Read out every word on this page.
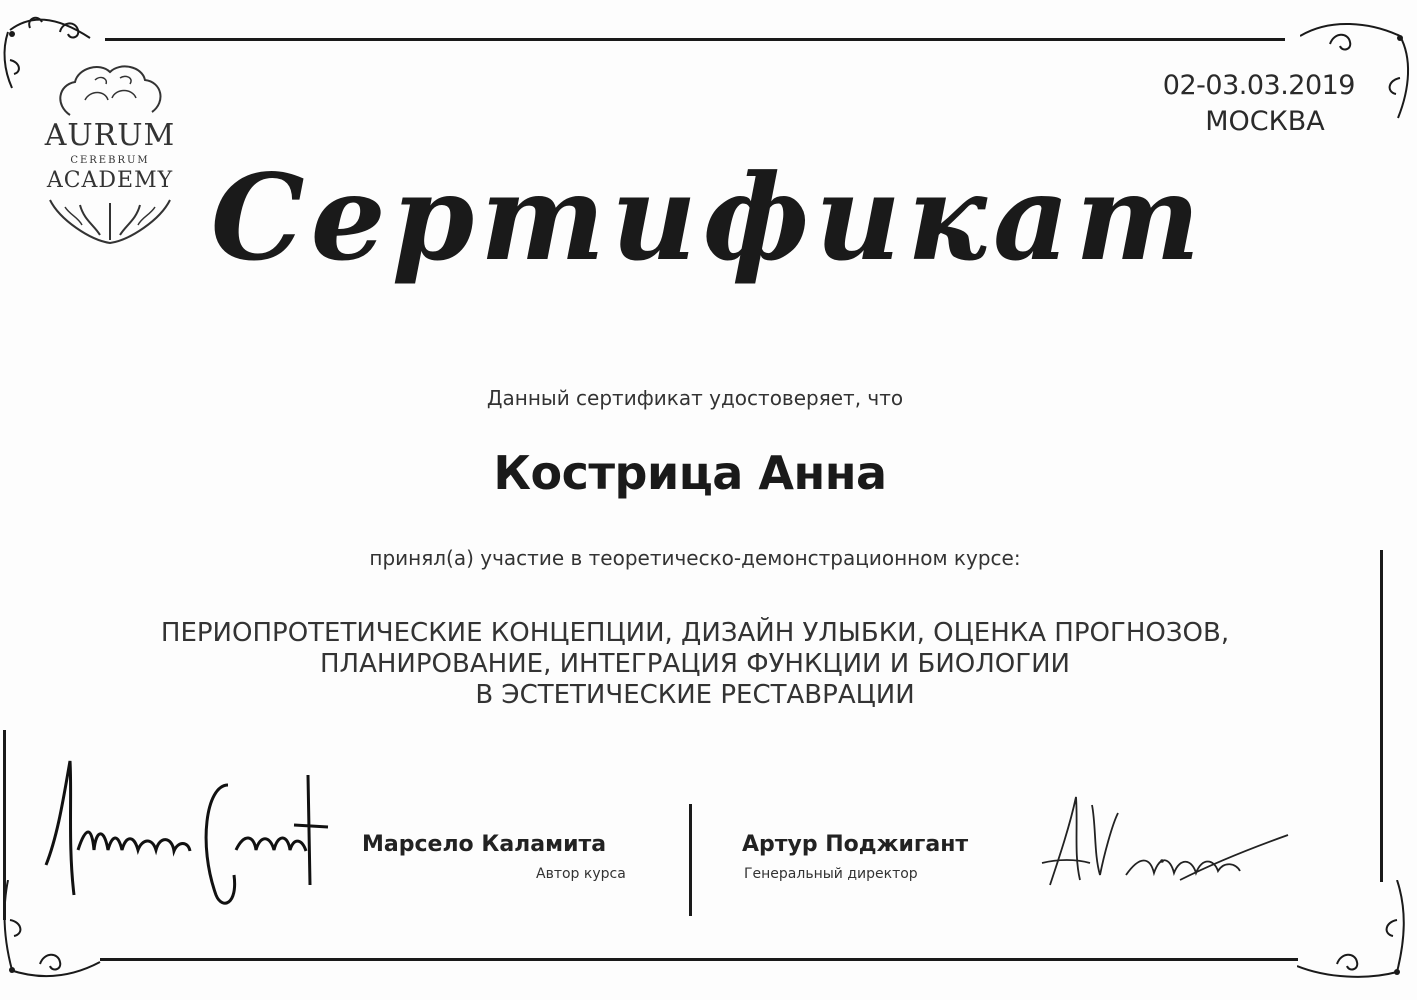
AURUM
CEREBRUM
ACADEMY
02-03.03.2019
МОСКВА
Сертификат
Данный сертификат удостоверяет, что
Кострица Анна
принял(а) участие в теоретическо-демонстрационном курсе:
ПЕРИОПРОТЕТИЧЕСКИЕ КОНЦЕПЦИИ, ДИЗАЙН УЛЫБКИ, ОЦЕНКА ПРОГНОЗОВ,
ПЛАНИРОВАНИЕ, ИНТЕГРАЦИЯ ФУНКЦИИ И БИОЛОГИИ
В ЭСТЕТИЧЕСКИЕ РЕСТАВРАЦИИ
Марсело Каламита
Автор курса
Артур Поджигант
Генеральный директор
